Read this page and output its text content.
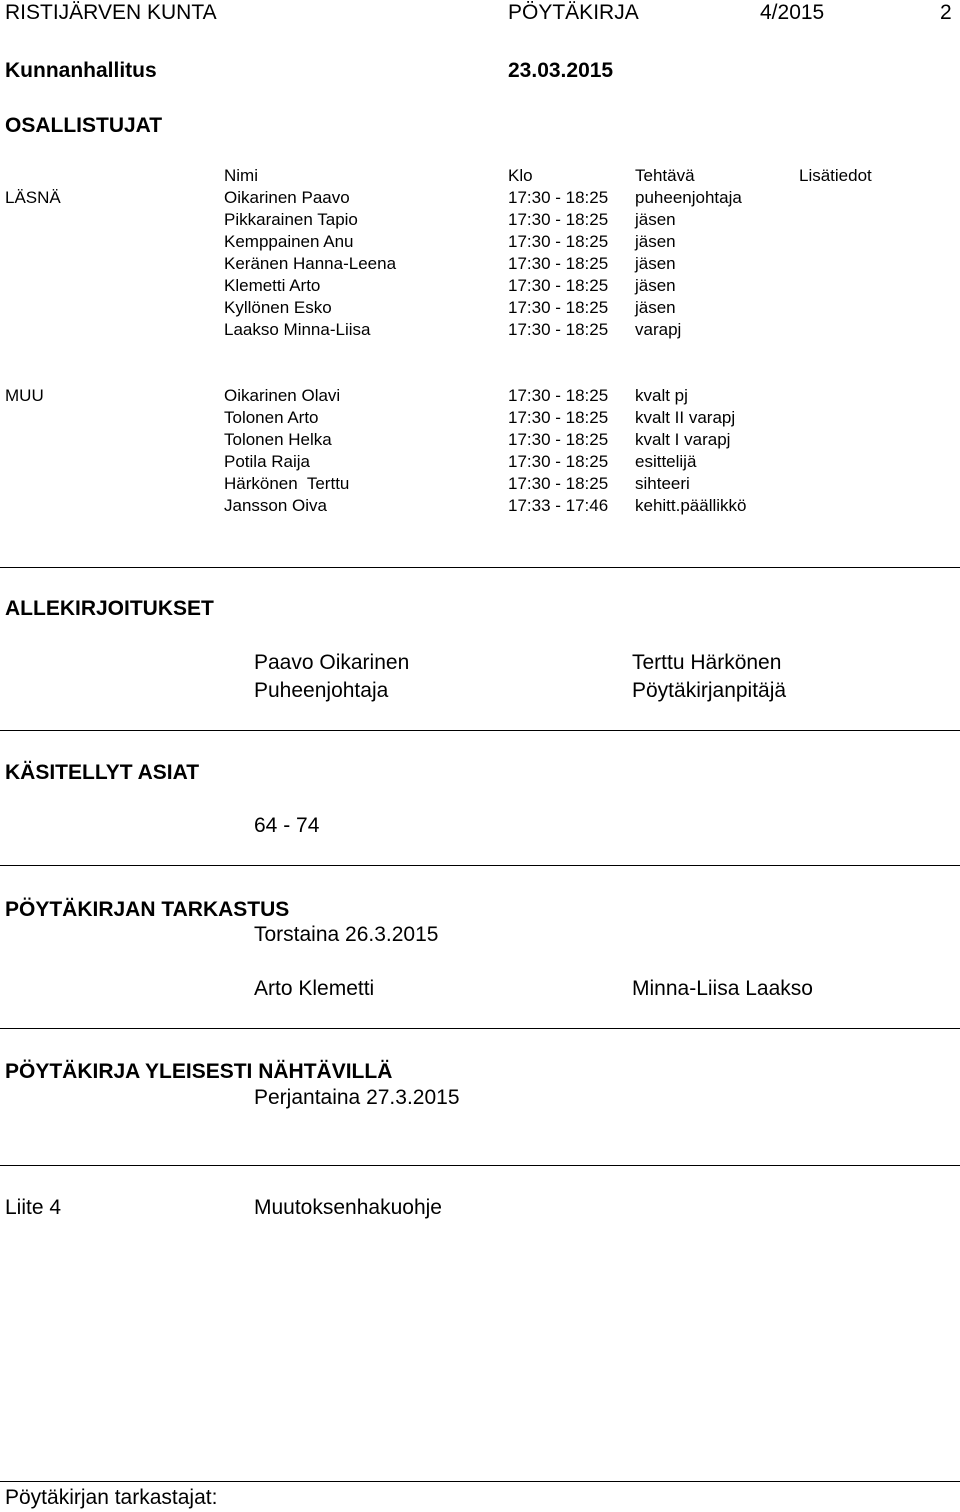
RISTIJÄRVEN KUNTA	PÖYTÄKIRJA	4/2015	2
Kunnanhallitus	23.03.2015
OSALLISTUJAT
Nimi	Klo	Tehtävä	Lisätiedot
LÄSNÄ	Oikarinen Paavo	17:30 - 18:25 puheenjohtaja
Pikkarainen Tapio	17:30 - 18:25 jäsen
Kemppainen Anu	17:30 - 18:25 jäsen
Keränen Hanna-Leena	17:30 - 18:25 jäsen
Klemetti Arto	17:30 - 18:25 jäsen
Kyllönen Esko	17:30 - 18:25 jäsen
Laakso Minna-Liisa	17:30 - 18:25 varapj
MUU	Oikarinen Olavi	17:30 - 18:25 kvalt pj
Tolonen Arto	17:30 - 18:25 kvalt II varapj
Tolonen Helka	17:30 - 18:25 kvalt I varapj
Potila Raija	17:30 - 18:25 esittelijä
Härkönen  Terttu	17:30 - 18:25 sihteeri
Jansson Oiva	17:33 - 17:46 kehitt.päällikkö
ALLEKIRJOITUKSET
Paavo Oikarinen
Puheenjohtaja
Terttu Härkönen
Pöytäkirjanpitäjä
KÄSITELLYT ASIAT
64 - 74
PÖYTÄKIRJAN TARKASTUS
Torstaina 26.3.2015
Arto Klemetti	Minna-Liisa Laakso
PÖYTÄKIRJA YLEISESTI NÄHTÄVILLÄ
Perjantaina 27.3.2015
Liite 4	Muutoksenhakuohje
Pöytäkirjan tarkastajat:
